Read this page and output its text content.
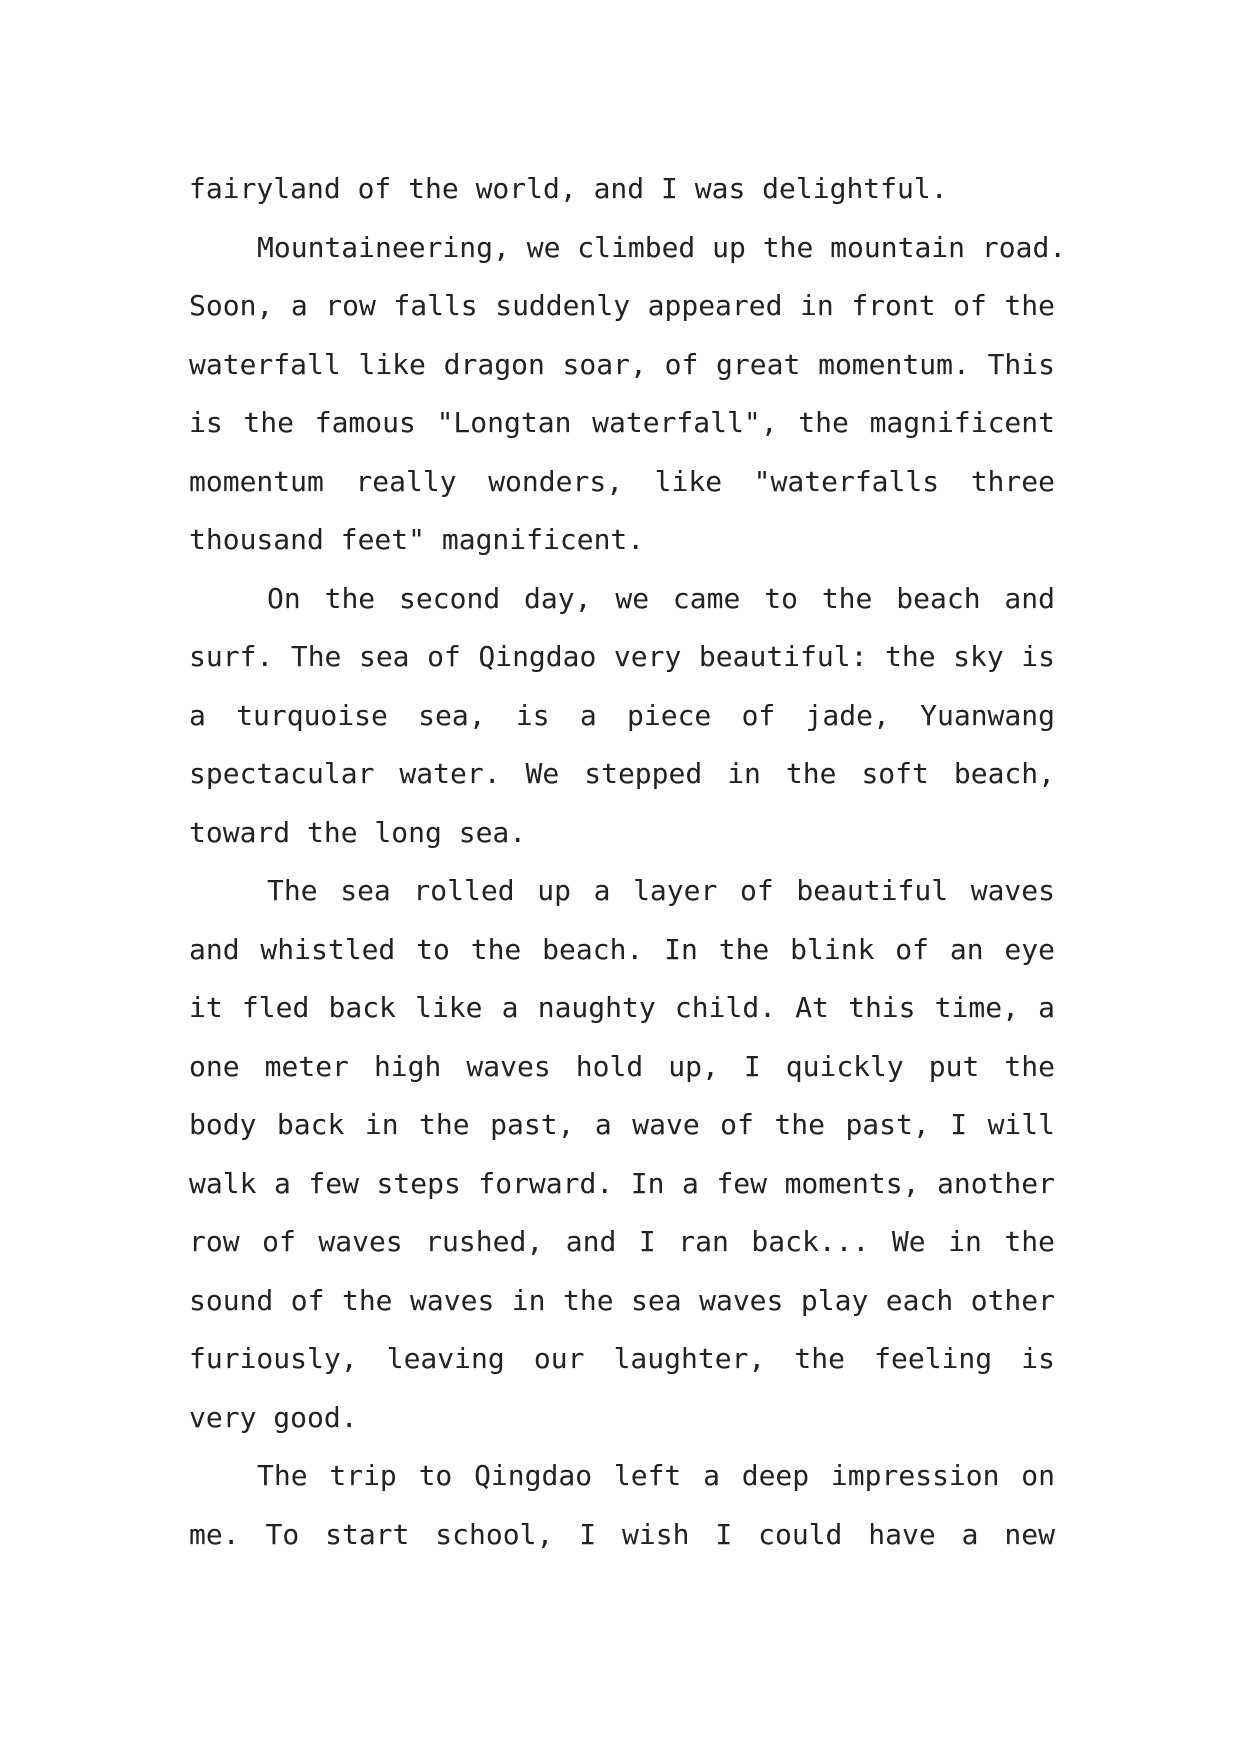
fairyland of the world, and I was delightful.
Mountaineering, we climbed up the mountain road.
Soon, a row falls suddenly appeared in front of the
waterfall like dragon soar, of great momentum. This
is the famous "Longtan waterfall", the magnificent
momentum really wonders, like "waterfalls three
thousand feet" magnificent.
On the second day, we came to the beach and
surf. The sea of Qingdao very beautiful: the sky is
a turquoise sea, is a piece of jade, Yuanwang
spectacular water. We stepped in the soft beach,
toward the long sea.
The sea rolled up a layer of beautiful waves
and whistled to the beach. In the blink of an eye
it fled back like a naughty child. At this time, a
one meter high waves hold up, I quickly put the
body back in the past, a wave of the past, I will
walk a few steps forward. In a few moments, another
row of waves rushed, and I ran back... We in the
sound of the waves in the sea waves play each other
furiously, leaving our laughter, the feeling is
very good.
The trip to Qingdao left a deep impression on
me. To start school, I wish I could have a new
